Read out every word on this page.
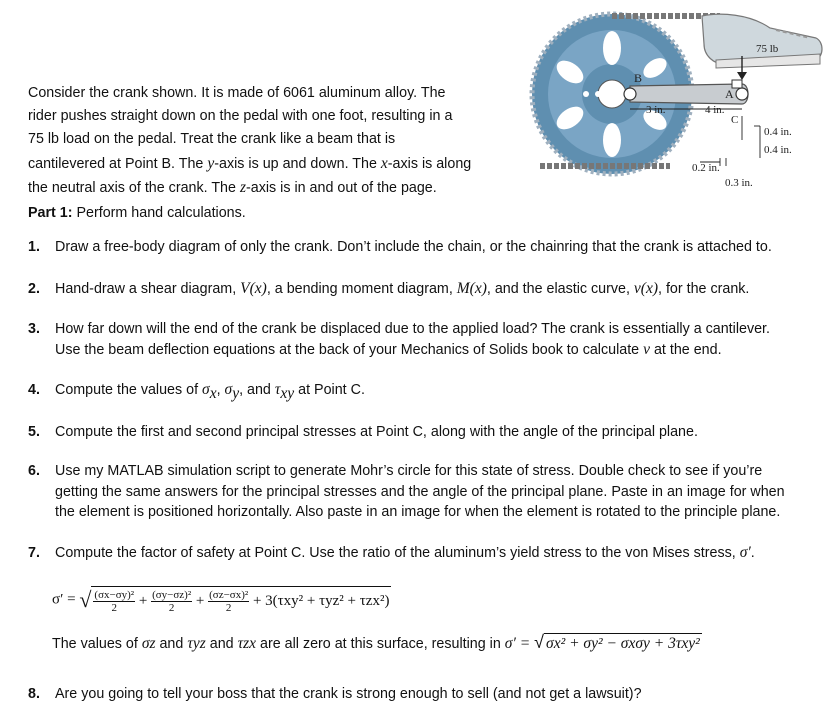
75 lb
A
B
C
3 in.	4 in.
0.4 in.
0.4 in.
0.2 in.
0.3 in.
Consider the crank shown. It is made of 6061 aluminum alloy. The
rider pushes straight down on the pedal with one foot, resulting in a
75 lb load on the pedal. Treat the crank like a beam that is
cantilevered at Point B. The y-axis is up and down. The x-axis is along
the neutral axis of the crank. The z-axis is in and out of the page.
Part 1: Perform hand calculations.
1. Draw a free-body diagram of only the crank. Don’t include the chain, or the chainring that the crank is attached to.
2. Hand-draw a shear diagram, V(x), a bending moment diagram, M(x), and the elastic curve, v(x), for the crank.
3. How far down will the end of the crank be displaced due to the applied load? The crank is essentially a cantilever.
Use the beam deflection equations at the back of your Mechanics of Solids book to calculate v at the end.
4. Compute the values of $\sigma_x$, $\sigma_y$, and $\tau_{xy}$ at Point C.
5. Compute the first and second principal stresses at Point C, along with the angle of the principal plane.
6. Use my MATLAB simulation script to generate Mohr’s circle for this state of stress. Double check to see if you’re
getting the same answers for the principal stresses and the angle of the principal plane. Paste in an image for when
the element is positioned horizontally. Also paste in an image for when the element is rotated to the principle plane.
7. Compute the factor of safety at Point C. Use the ratio of the aluminum’s yield stress to the von Mises stress, σ′.
σ′ = √ $\frac{\text{(σx−σy)²}}{2} + \frac{\text{(σy−σz)²}}{2} + \frac{\text{(σz−σx)²}}{2} + 3(\tau xy^2 + \tau yz^2 + \tau zx^2)$
The values of σz and τyz and τzx are all zero at this surface, resulting in σ′ = √ σx² + σy² − σxσy + 3τxy²
8. Are you going to tell your boss that the crank is strong enough to sell (and not get a lawsuit)?
